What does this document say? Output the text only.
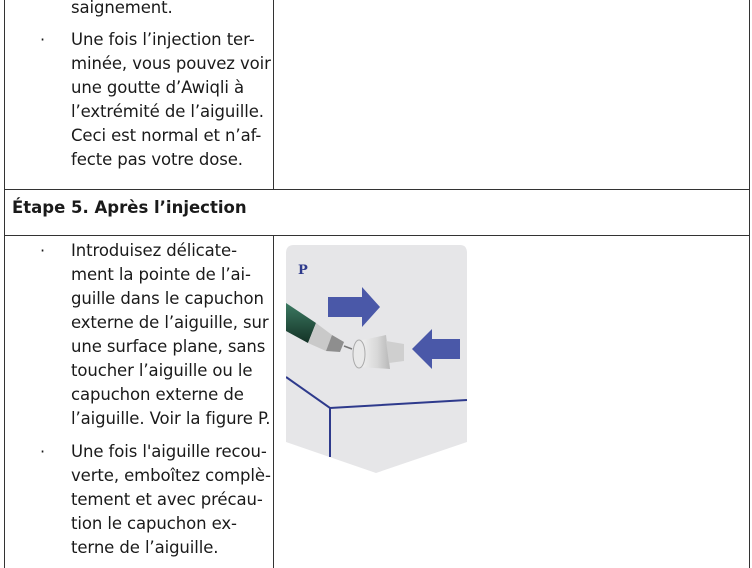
saignement.
· Une fois l’injection ter-
minée, vous pouvez voir
une goutte d’Awiqli à
l’extrémité de l’aiguille.
Ceci est normal et n’af-
fecte pas votre dose.
Étape 5. Après l’injection
· Introduisez délicate-
ment la pointe de l’ai-
guille dans le capuchon
externe de l’aiguille, sur
une surface plane, sans
toucher l’aiguille ou le
capuchon externe de
l’aiguille. Voir la figure P.
· Une fois l'aiguille recou-
verte, emboîtez complè-
tement et avec précau-
tion le capuchon ex-
terne de l’aiguille.
P
